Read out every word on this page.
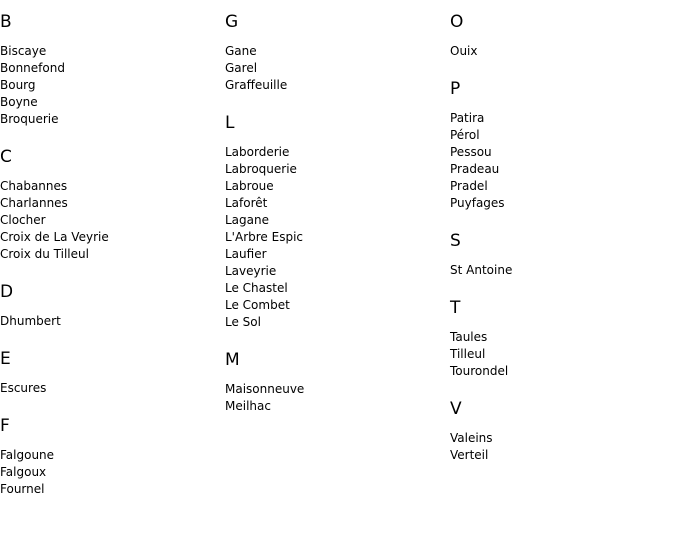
B
Biscaye
Bonnefond
Bourg
Boyne
Broquerie
C
Chabannes
Charlannes
Clocher
Croix de La Veyrie
Croix du Tilleul
D
Dhumbert
E
Escures
F
Falgoune
Falgoux
Fournel
G
Gane
Garel
Graffeuille
L
Laborderie
Labroquerie
Labroue
Laforêt
Lagane
L'Arbre Espic
Laufier
Laveyrie
Le Chastel
Le Combet
Le Sol
M
Maisonneuve
Meilhac
O
Ouix
P
Patira
Pérol
Pessou
Pradeau
Pradel
Puyfages
S
St Antoine
T
Taules
Tilleul
Tourondel
V
Valeins
Verteil
